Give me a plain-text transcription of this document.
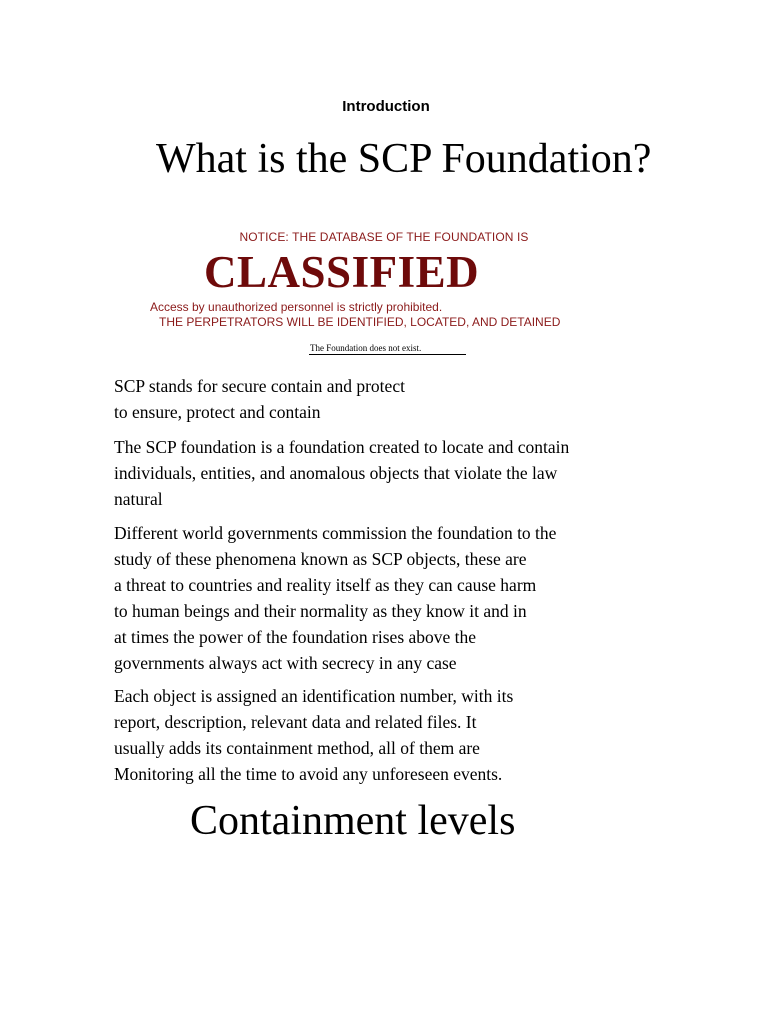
Introduction
What is the SCP Foundation?
NOTICE: THE DATABASE OF THE FOUNDATION IS
CLASSIFIED
Access by unauthorized personnel is strictly prohibited.
THE PERPETRATORS WILL BE IDENTIFIED, LOCATED, AND DETAINED
The Foundation does not exist.
SCP stands for secure contain and protect
to ensure, protect and contain
The SCP foundation is a foundation created to locate and contain
individuals, entities, and anomalous objects that violate the law
natural
Different world governments commission the foundation to the
study of these phenomena known as SCP objects, these are
a threat to countries and reality itself as they can cause harm
to human beings and their normality as they know it and in
at times the power of the foundation rises above the
governments always act with secrecy in any case
Each object is assigned an identification number, with its
report, description, relevant data and related files. It
usually adds its containment method, all of them are
Monitoring all the time to avoid any unforeseen events.
Containment levels
